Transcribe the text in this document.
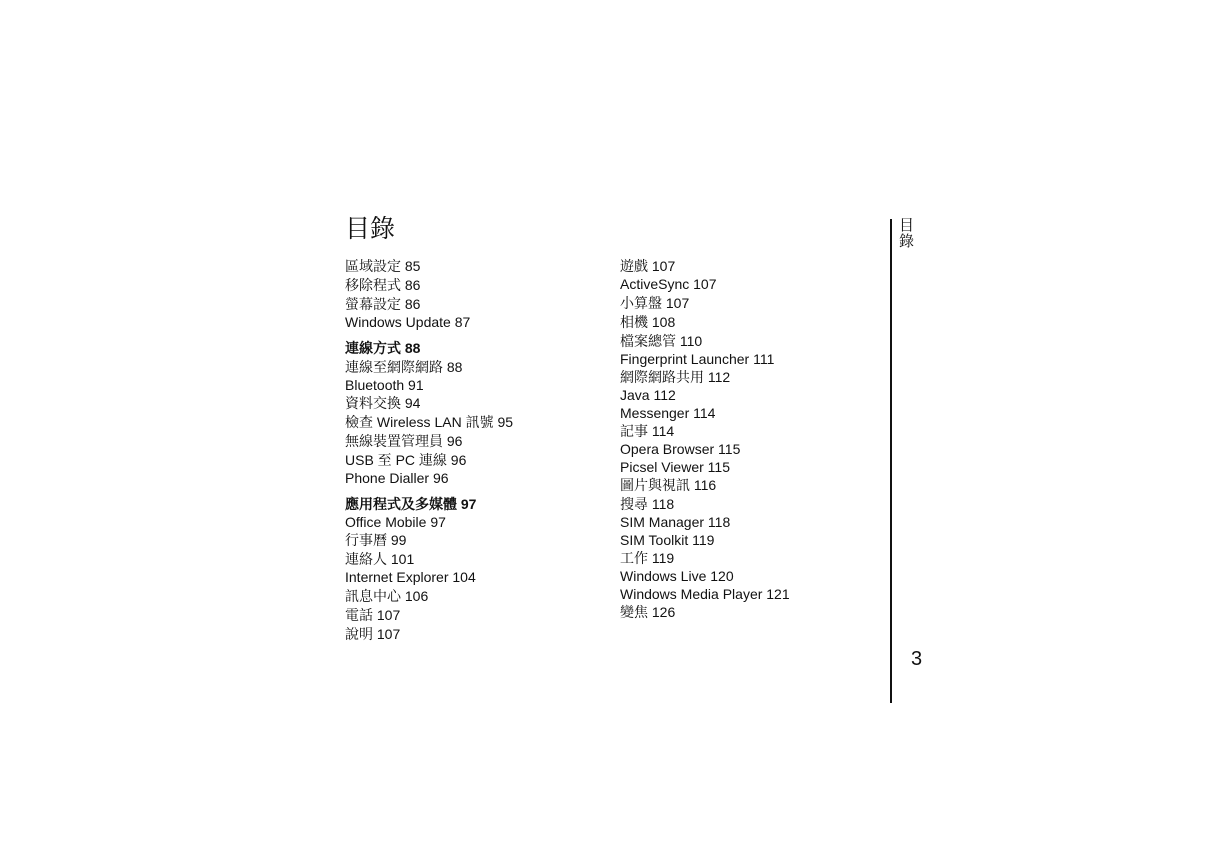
目錄
區域設定 85
移除程式 86
螢幕設定 86
Windows Update 87
連線方式 88
連線至網際網路 88
Bluetooth 91
資料交換 94
檢查 Wireless LAN 訊號 95
無線裝置管理員 96
USB 至 PC 連線 96
Phone Dialler 96
應用程式及多媒體 97
Office Mobile 97
行事曆 99
連絡人 101
Internet Explorer 104
訊息中心 106
電話 107
說明 107
遊戲 107
ActiveSync 107
小算盤 107
相機 108
檔案總管 110
Fingerprint Launcher 111
網際網路共用 112
Java 112
Messenger 114
記事 114
Opera Browser 115
Picsel Viewer 115
圖片與視訊 116
搜尋 118
SIM Manager 118
SIM Toolkit 119
工作 119
Windows Live 120
Windows Media Player 121
變焦 126
目錄
3
